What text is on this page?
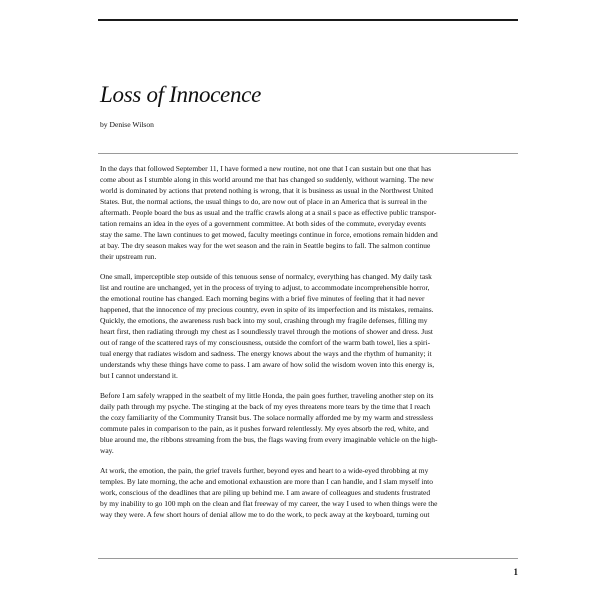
Loss of Innocence

by Denise Wilson

In the days that followed September 11, I have formed a new routine, not one that I can sustain but one that has
come about as I stumble along in this world around me that has changed so suddenly, without warning. The new
world is dominated by actions that pretend nothing is wrong, that it is business as usual in the Northwest United
States. But, the normal actions, the usual things to do, are now out of place in an America that is surreal in the
aftermath. People board the bus as usual and the traffic crawls along at a snail s pace as effective public transpor-
tation remains an idea in the eyes of a government committee. At both sides of the commute, everyday events
stay the same. The lawn continues to get mowed, faculty meetings continue in force, emotions remain hidden and
at bay. The dry season makes way for the wet season and the rain in Seattle begins to fall. The salmon continue
their upstream run.
One small, imperceptible step outside of this tenuous sense of normalcy, everything has changed. My daily task
list and routine are unchanged, yet in the process of trying to adjust, to accommodate incomprehensible horror,
the emotional routine has changed. Each morning begins with a brief five minutes of feeling that it had never
happened, that the innocence of my precious country, even in spite of its imperfection and its mistakes, remains.
Quickly, the emotions, the awareness rush back into my soul, crashing through my fragile defenses, filling my
heart first, then radiating through my chest as I soundlessly travel through the motions of shower and dress. Just
out of range of the scattered rays of my consciousness, outside the comfort of the warm bath towel, lies a spiri-
tual energy that radiates wisdom and sadness. The energy knows about the ways and the rhythm of humanity; it
understands why these things have come to pass. I am aware of how solid the wisdom woven into this energy is,
but I cannot understand it.
Before I am safely wrapped in the seatbelt of my little Honda, the pain goes further, traveling another step on its
daily path through my psyche. The stinging at the back of my eyes threatens more tears by the time that I reach
the cozy familiarity of the Community Transit bus. The solace normally afforded me by my warm and stressless
commute pales in comparison to the pain, as it pushes forward relentlessly. My eyes absorb the red, white, and
blue around me, the ribbons streaming from the bus, the flags waving from every imaginable vehicle on the high-
way.
At work, the emotion, the pain, the grief travels further, beyond eyes and heart to a wide-eyed throbbing at my
temples. By late morning, the ache and emotional exhaustion are more than I can handle, and I slam myself into
work, conscious of the deadlines that are piling up behind me. I am aware of colleagues and students frustrated
by my inability to go 100 mph on the clean and flat freeway of my career, the way I used to when things were the
way they were. A few short hours of denial allow me to do the work, to peck away at the keyboard, turning out
1
